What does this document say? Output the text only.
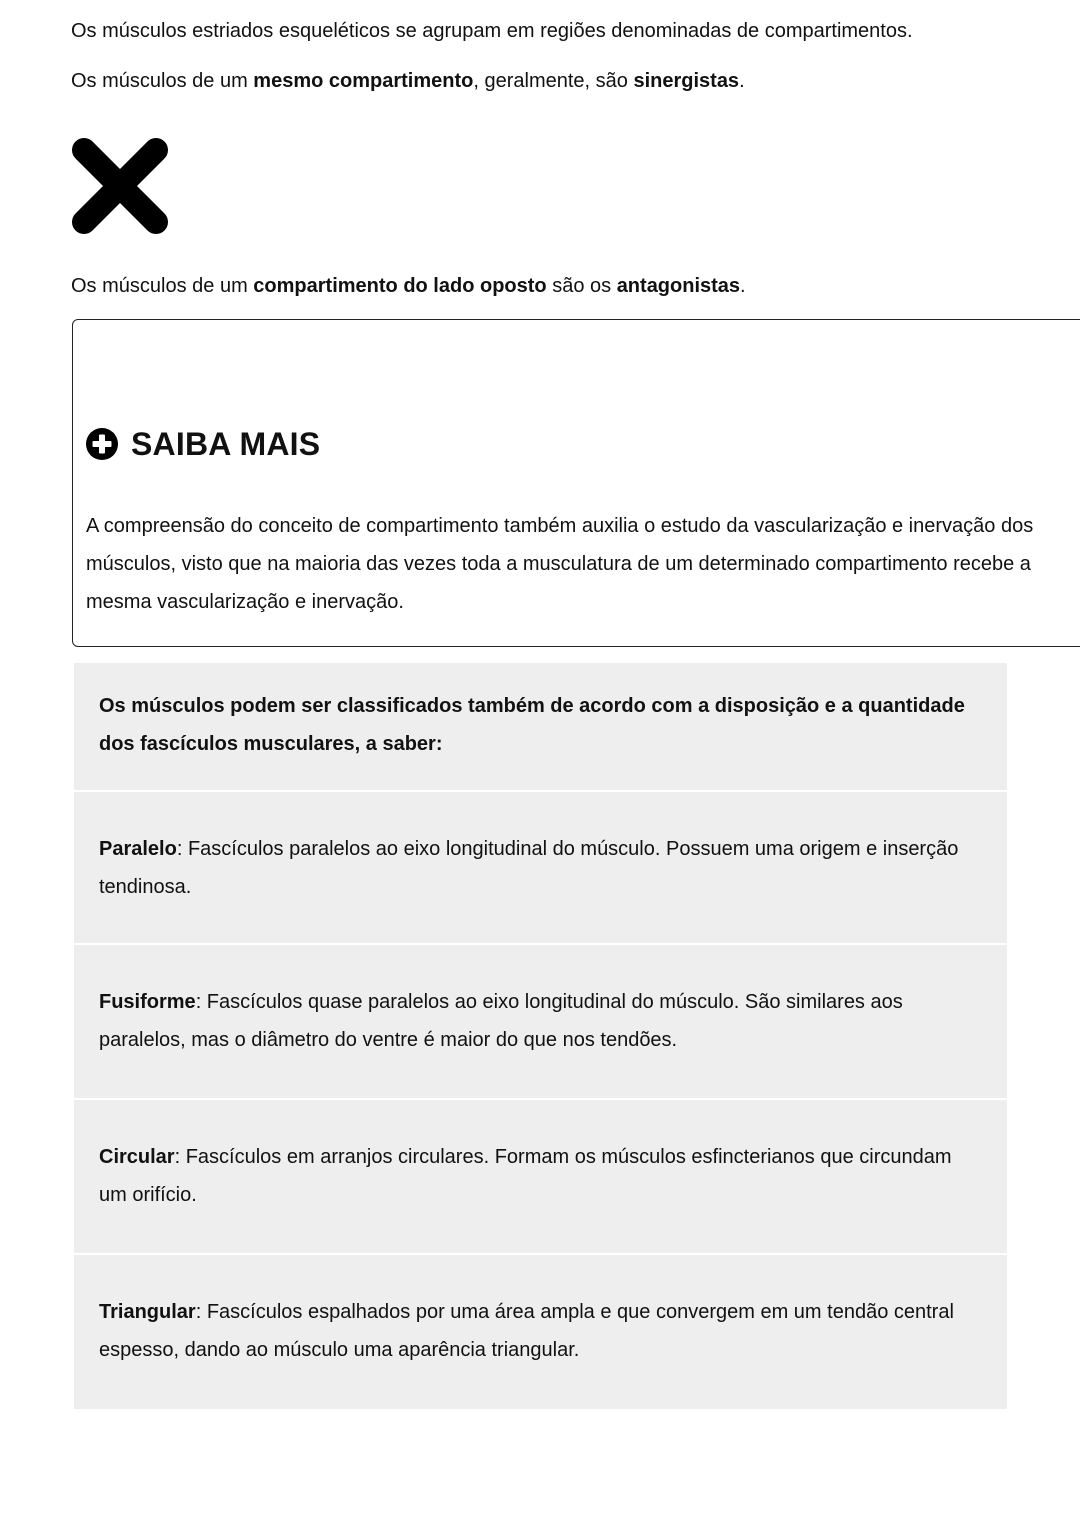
Os músculos estriados esqueléticos se agrupam em regiões denominadas de compartimentos.

Os músculos de um mesmo compartimento, geralmente, são sinergistas.

Os músculos de um compartimento do lado oposto são os antagonistas.

SAIBA MAIS

A compreensão do conceito de compartimento também auxilia o estudo da vascularização e inervação dos músculos, visto que na maioria das vezes toda a musculatura de um determinado compartimento recebe a mesma vascularização e inervação.

Os músculos podem ser classificados também de acordo com a disposição e a quantidade dos fascículos musculares, a saber:

Paralelo: Fascículos paralelos ao eixo longitudinal do músculo. Possuem uma origem e inserção tendinosa.

Fusiforme: Fascículos quase paralelos ao eixo longitudinal do músculo. São similares aos paralelos, mas o diâmetro do ventre é maior do que nos tendões.

Circular: Fascículos em arranjos circulares. Formam os músculos esfincterianos que circundam um orifício.

Triangular: Fascículos espalhados por uma área ampla e que convergem em um tendão central espesso, dando ao músculo uma aparência triangular.
